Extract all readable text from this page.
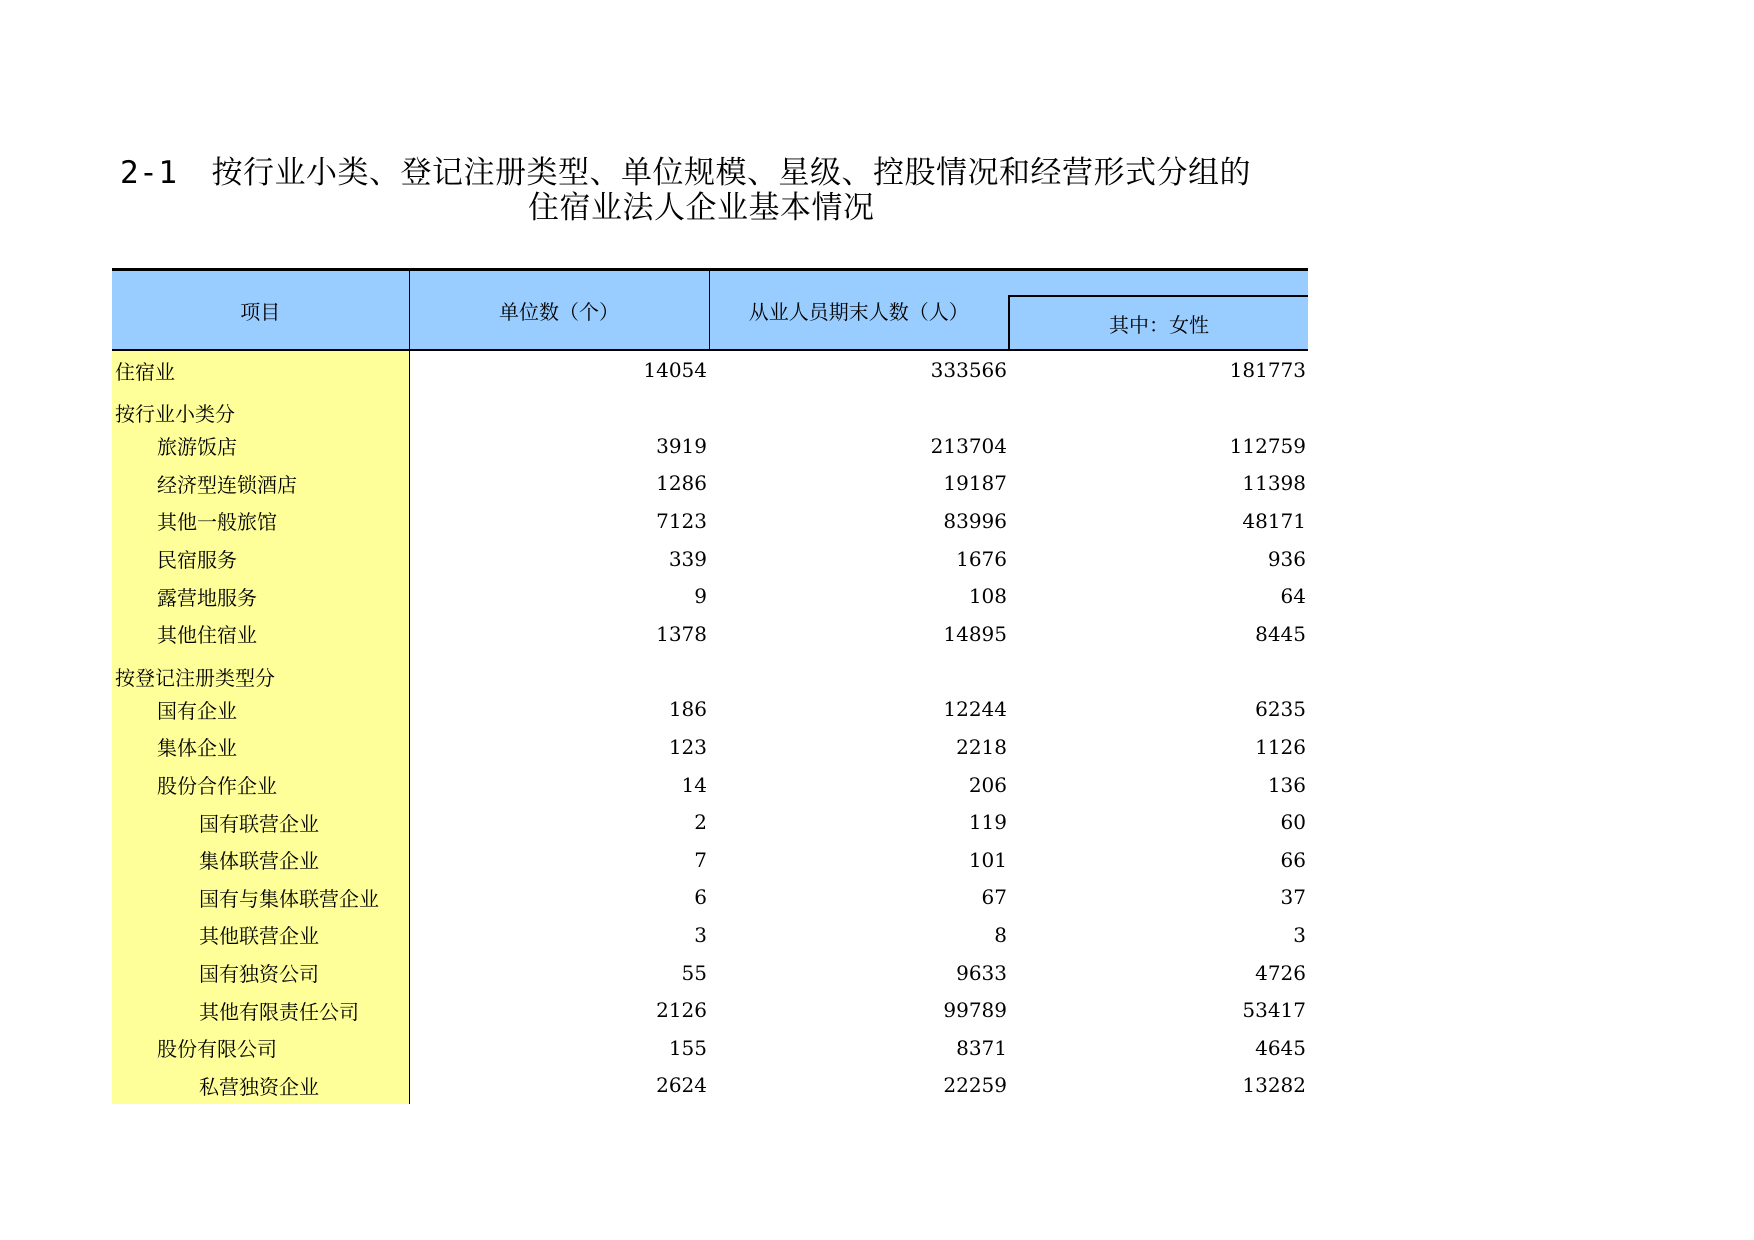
2-1 按行业小类、登记注册类型、单位规模、星级、控股情况和经营形式分组的
住宿业法人企业基本情况
项目	单位数（个）	从业人员期末人数（人）	
			其中：女性
住宿业	14054	333566	181773

按行业小类分			
旅游饭店	3919	213704	112759
经济型连锁酒店	1286	19187	11398
其他一般旅馆	7123	83996	48171
民宿服务	339	1676	936
露营地服务	9	108	64
其他住宿业	1378	14895	8445

按登记注册类型分			
国有企业	186	12244	6235
集体企业	123	2218	1126
股份合作企业	14	206	136
国有联营企业	2	119	60
集体联营企业	7	101	66
国有与集体联营企业	6	67	37
其他联营企业	3	8	3
国有独资公司	55	9633	4726
其他有限责任公司	2126	99789	53417
股份有限公司	155	8371	4645
私营独资企业	2624	22259	13282
